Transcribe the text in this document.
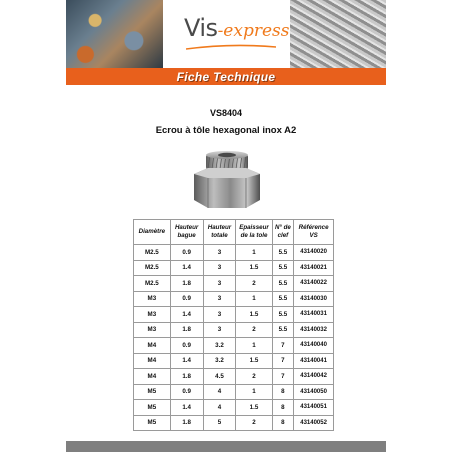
Vis -express
Fiche Technique
VS8404
Ecrou à tôle hexagonal inox A2
Diamètre	Hauteur bague	Hauteur totale	Epaisseur de la tole	N° de clef	Référence VS
M2.5	0.9	3	1	5.5	43140020
M2.5	1.4	3	1.5	5.5	43140021
M2.5	1.8	3	2	5.5	43140022
M3	0.9	3	1	5.5	43140030
M3	1.4	3	1.5	5.5	43140031
M3	1.8	3	2	5.5	43140032
M4	0.9	3.2	1	7	43140040
M4	1.4	3.2	1.5	7	43140041
M4	1.8	4.5	2	7	43140042
M5	0.9	4	1	8	43140050
M5	1.4	4	1.5	8	43140051
M5	1.8	5	2	8	43140052
